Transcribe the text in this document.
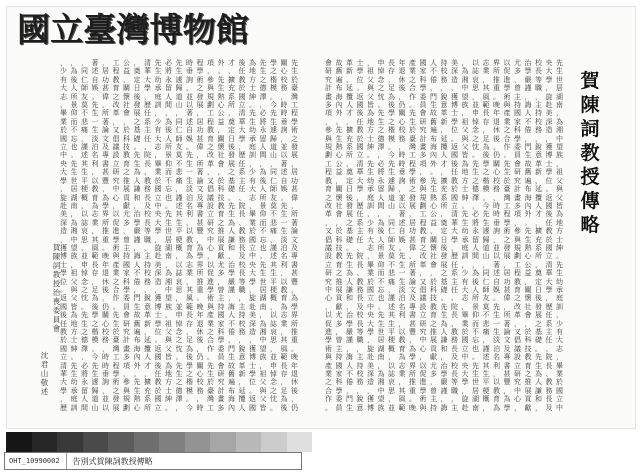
國 立 臺 灣 博 物 館
賀
陳
詞
教
授
傳
略
先
生
世
居
湖
南
，
為
湘
中
望
族
，
祖
父
與
父
皆
為
地
方
士
紳
。
先
生
幼
承
庭
訓
，
少
有
大
志
，
畢
業
於
國
立
中
央
大
學
，
旋
赴
美
深
造
，
獲
博
士
學
位
。
返
國
後
任
教
於
國
立
清
華
大
學
，
歷
任
系
主
任
、
院
長
、
教
務
長
及
校
長
等
職
，
主
持
校
務
，
銳
意
革
新
，
延
攬
人
才
，
擴
充
系
所
，
奠
定
日
後
發
展
之
基
礎
。
先
生
為
人
謙
和
，
治
學
嚴
謹
，
誨
人
不
倦
，
門
生
故
舊
遍
布
海
內
外
。
先
生
熱
心
公
益
，
關
懷
社
會
，
於
科
技
教
育
之
推
展
貢
獻
尤
多
，
曾
主
持
國
家
科
學
委
員
會
研
究
計
畫
多
項
，
參
與
規
劃
工
程
教
育
之
改
革
，
又
倡
議
設
立
研
究
中
心
，
以
促
進
學
術
與
產
業
之
合
作
。
先
生
於
臺
灣
工
程
學
術
之
發
展
，
居
功
甚
偉
，
所
著
論
文
及
專
書
甚
豐
，
為
學
界
所
推
重
。
晚
年
退
休
後
，
仍
關
心
校
務
，
時
時
垂
詢
，
並
以
著
述
自
娛
。
先
生
一
生
淡
泊
名
利
，
以
教
育
為
志
業
，
其
風
範
長
存
，
足
為
後
學
之
楷
模
。
今
先
生
遽
歸
道
山
，
同
仁
師
友
莫
不
悲
痛
，
謹
述
其
生
平
梗
概
，
以
誌
哀
思
，
並
申
悼
念
之
忱
。
先
生
之
德
澤
，
必
將
永
留
人
間
，
為
後
人
所
景
仰
而
不
忘
也
。
先
生
世
居
湖
南
，
為
湘
中
望
族
，
祖
父
與
父
皆
為
地
方
士
紳
。
先
生
幼
承
庭
訓
，
少
有
大
志
，
畢
業
於
國
立
中
央
大
學
，
旋
赴
美
深
造
，
獲
博
士
學
位
。
返
國
後
任
教
於
國
立
清
華
大
學
，
歷
任
系
主
任
、
院
長
、
教
務
長
及
校
長
等
職
，
主
持
校
務
，
銳
意
革
新
，
延
攬
人
才
，
擴
充
系
所
，
奠
定
日
後
發
展
之
基
礎
。
先
生
為
人
謙
和
，
治
學
嚴
謹
，
誨
人
不
倦
，
門
生
故
舊
遍
布
海
內
外
。
先
生
熱
心
公
益
，
關
懷
社
會
，
於
科
技
教
育
之
推
展
貢
獻
尤
多
，
曾
主
持
國
家
科
學
委
員
會
研
究
計
畫
多
項
，
參
與
規
劃
工
程
教
育
之
改
革
，
又
倡
議
設
立
研
究
中
心
，
以
促
進
學
術
與
產
業
之
合
作
。
先
生
於
臺
灣
工
程
學
術
之
發
展
，
居
功
甚
偉
，
所
著
論
文
及
專
書
甚
豐
，
為
學
界
所
推
重
。
晚
年
退
休
後
，
仍
關
心
校
務
，
時
時
垂
詢
，
並
以
著
述
自
娛
。
先
生
一
生
淡
泊
名
利
，
以
教
育
為
志
業
，
其
風
範
長
存
，
足
為
後
學
之
楷
模
。
今
先
生
遽
歸
道
山
，
同
仁
師
友
莫
不
悲
痛
，
謹
述
其
生
平
梗
概
，
以
誌
哀
思
，
並
申
悼
念
之
忱
。
先
生
之
德
澤
，
必
將
永
留
人
間
，
為
後
人
所
景
仰
而
不
忘
也
。
先
生
世
居
湖
南
，
為
湘
中
望
族
，
祖
父
與
父
皆
為
地
方
士
紳
。
先
生
幼
承
庭
訓
，
少
有
大
志
，
畢
業
於
國
立
中
央
大
學
，
旋
赴
美
深
造
，
獲
博
士
學
位
。
返
國
後
任
教
於
國
立
清
華
大
學
，
歷
任
系
主
任
、
院
長
、
教
務
長
及
校
長
等
職
，
主
持
校
務
，
銳
意
革
新
，
延
攬
人
才
，
擴
充
系
所
，
奠
定
日
後
發
展
之
基
礎
。
先
生
為
人
謙
和
，
治
學
嚴
謹
，
誨
人
不
倦
，
門
生
故
舊
遍
布
海
內
外
。
先
生
熱
心
公
益
，
關
懷
社
會
，
於
科
技
教
育
之
推
展
貢
獻
尤
多
，
曾
主
持
國
家
科
學
委
員
會
研
究
計
畫
多
項
，
參
與
規
劃
工
程
教
育
之
改
革
，
又
倡
議
設
立
研
究
中
心
，
以
促
進
學
術
與
產
業
之
合
作
。
先
生
於
臺
灣
工
程
學
術
之
發
展
，
居
功
甚
偉
，
所
著
論
文
及
專
書
甚
豐
，
為
學
界
所
推
重
。
晚
年
退
休
後
，
仍
關
心
校
務
，
時
時
垂
詢
，
並
以
著
述
自
娛
。
先
生
一
生
淡
泊
名
利
，
以
教
育
為
志
業
，
其
風
範
長
存
，
足
為
後
學
之
楷
模
。
今
先
生
遽
歸
道
山
，
同
仁
師
友
莫
不
悲
痛
，
謹
述
其
生
平
梗
概
，
以
誌
哀
思
，
並
申
悼
念
之
忱
。
先
生
之
德
澤
，
必
將
永
留
人
間
，
為
後
人
所
景
仰
而
不
忘
也
。
先
生
世
居
湖
南
，
為
湘
中
望
族
，
祖
父
與
父
皆
為
地
方
士
紳
。
先
生
幼
承
庭
訓
，
少
有
大
志
，
畢
業
於
國
立
中
央
大
學
，
旋
赴
美
深
造
，
獲
博
士
學
位
。
返
國
後
任
教
於
國
立
清
華
大
學
，
歷
任
系
主
任
、
院
長
、
教
務
長
及
校
長
等
職
，
主
持
校
務
，
銳
意
革
新
，
延
攬
人
才
，
擴
充
系
所
，
奠
定
日
後
發
展
之
基
礎
。
先
生
為
人
謙
和
，
治
學
嚴
謹
，
誨
人
不
倦
，
門
生
故
舊
遍
布
海
內
外
。
先
生
熱
心
公
益
，
關
懷
社
會
，
於
科
技
教
育
之
推
展
貢
獻
尤
多
，
曾
主
持
國
家
科
學
委
員
會
研
究
計
畫
多
項
，
參
與
規
劃
工
程
教
育
之
改
革
，
又
倡
議
設
立
研
究
中
心
，
以
促
進
學
術
與
產
業
之
合
作
。
先
生
於
臺
灣
工
程
學
術
之
發
展
，
居
功
甚
偉
，
所
著
論
文
及
專
書
甚
豐
，
為
學
界
所
推
重
。
晚
年
退
休
後
，
仍
關
心
校
務
，
時
時
垂
詢
，
並
以
著
述
自
娛
。
先
生
一
生
淡
泊
名
利
，
以
教
育
為
志
業
，
其
風
範
長
存
，
足
為
後
學
之
楷
模
。
今
先
生
遽
歸
道
山
，
同
仁
師
友
莫
不
悲
痛
，
謹
述
其
生
平
梗
概
，
以
誌
哀
思
，
並
申
悼
念
之
忱
。
先
生
之
德
澤
，
必
將
永
留
人
間
，
為
後
人
所
景
仰
而
不
忘
也
。
先
生
世
居
湖
南
，
為
湘
中
望
族
，
祖
父
與
父
皆
為
地
方
士
紳
。
先
生
幼
承
庭
訓
，
少
有
大
志
，
畢
業
於
國
立
中
央
大
學
，
旋
赴
美
深
造
，
獲
博
士
學
位
。
返
國
後
任
教
於
國
立
清
華
大
學
，
歷
任
系
主
任
、
院
長
、
教
務
長
及
校
長
等
職
，
主
持
校
務
，
銳
意
革
新
，
延
攬
人
才
，
擴
充
系
所
，
奠
定
日
後
發
展
之
基
礎
。
先
生
為
人
謙
和
，
治
學
嚴
謹
，
誨
人
不
倦
，
門
生
故
舊
遍
布
海
內
外
。
先
生
熱
心
公
益
，
關
懷
社
會
，
於
科
技
教
育
之
推
展
貢
獻
尤
多
，
曾
主
持
國
家
科
學
委
員
會
研
究
計
畫
多
項
，
參
與
規
劃
工
程
教
育
之
改
革
，
又
倡
議
設
立
研
究
中
心
，
以
促
進
學
術
與
產
業
之
合
作
。
先
生
於
臺
灣
工
程
學
術
之
發
展
，
居
功
甚
偉
，
所
著
論
文
及
專
書
甚
豐
，
為
學
界
所
推
重
。
晚
年
退
休
後
，
仍
關
心
校
務
，
時
時
垂
詢
，
並
以
著
述
自
娛
。
先
生
一
生
淡
泊
名
利
，
以
教
育
為
志
業
，
其
風
範
長
存
，
足
為
後
學
之
楷
模
。
今
先
生
遽
歸
道
山
，
同
仁
師
友
莫
不
悲
痛
，
謹
述
其
生
平
梗
概
，
以
誌
哀
思
，
並
申
悼
念
之
忱
。
先
生
之
德
澤
，
必
將
永
留
人
間
，
為
後
人
所
景
仰
而
不
忘
也
。
先
生
世
居
湖
南
，
為
湘
中
望
族
，
祖
父
與
父
皆
為
地
方
士
紳
。
先
生
幼
承
庭
訓
，
少
有
大
志
，
畢
業
於
國
立
中
央
大
學
，
旋
赴
美
深
造
，
獲
博
士
學
位
。
返
國
後
任
教
於
國
立
清
華
大
學
，
歷
賀
陳
詞
教
授
治
喪
委
員
會
沈
君
山
敬
述
OHT_10990002	告別式賀陳詞教授傳略
